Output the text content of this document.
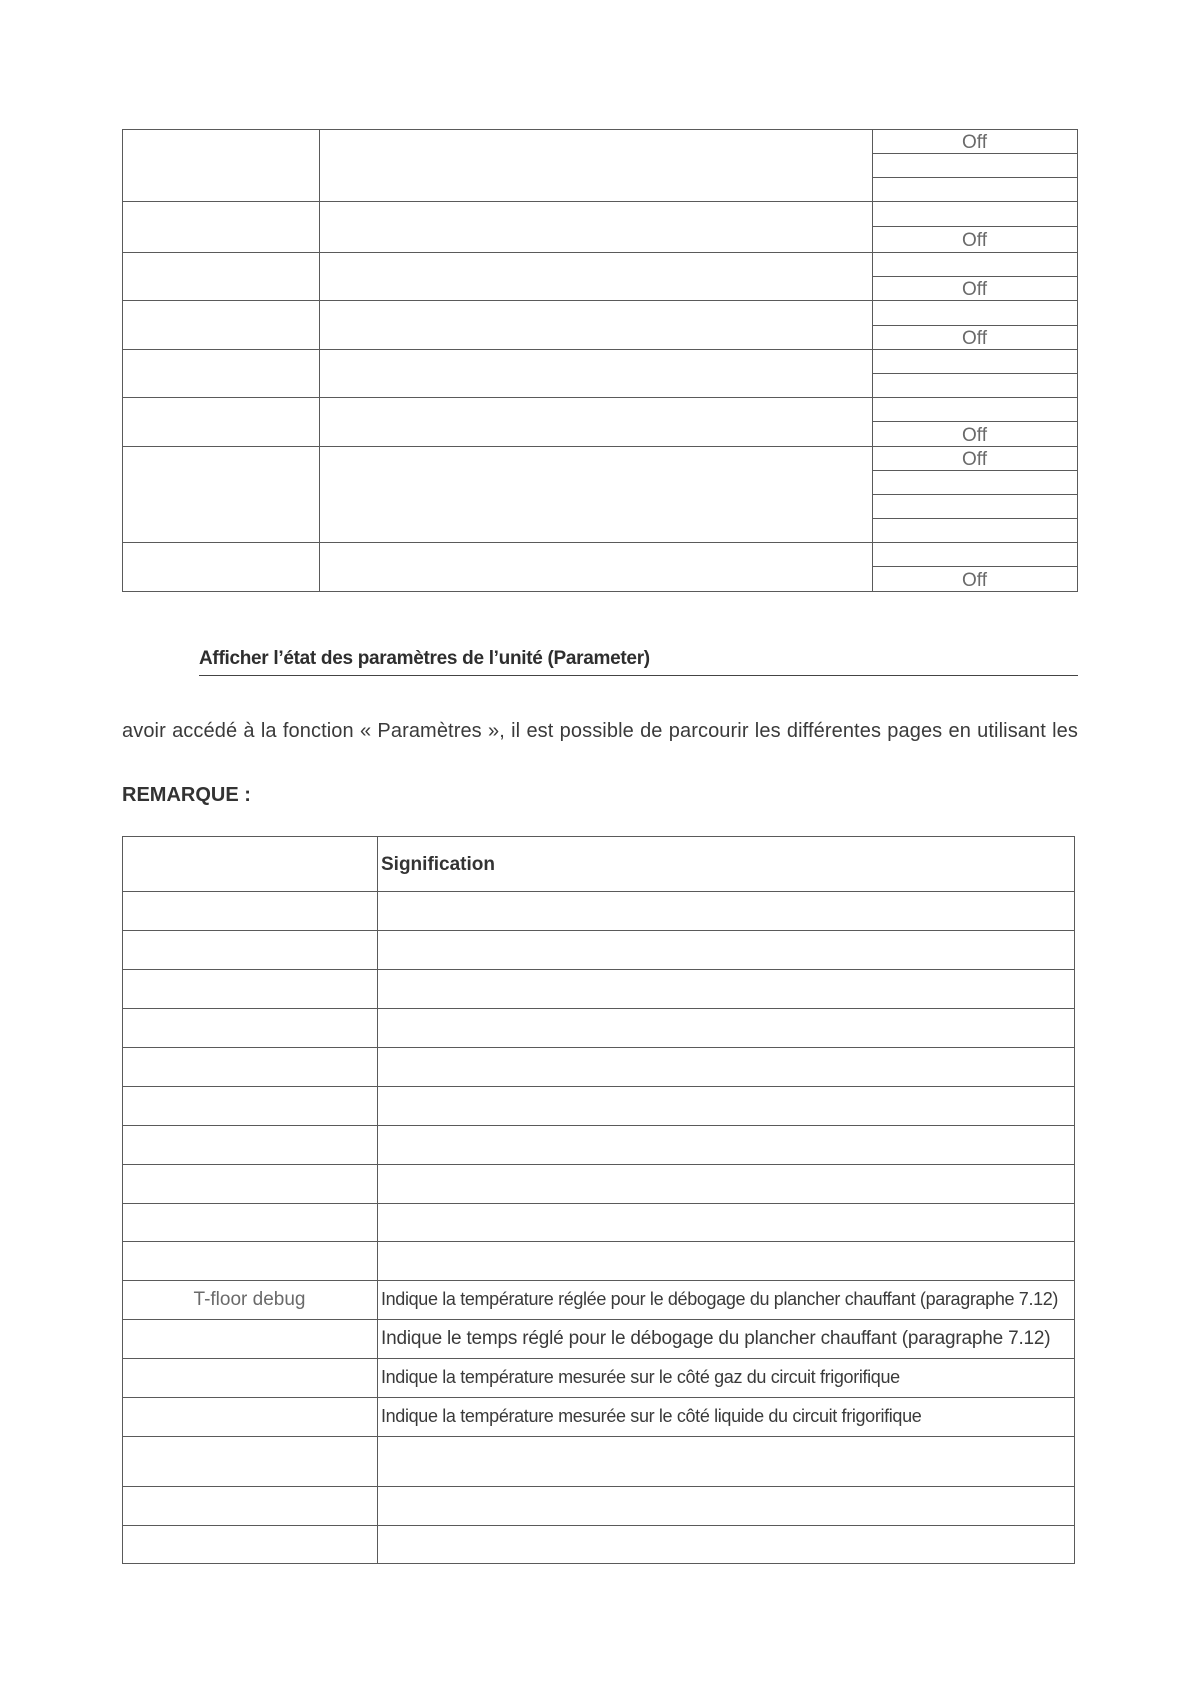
Off
Off
Off
Off
Off
Off
Off
Afficher l’état des paramètres de l’unité (Parameter)
avoir accédé à la fonction « Paramètres », il est possible de parcourir les différentes pages en utilisant les
REMARQUE :
Signification
T-floor debug	Indique la température réglée pour le débogage du plancher chauffant (paragraphe 7.12)
Indique le temps réglé pour le débogage du plancher chauffant (paragraphe 7.12)
Indique la température mesurée sur le côté gaz du circuit frigorifique
Indique la température mesurée sur le côté liquide du circuit frigorifique
